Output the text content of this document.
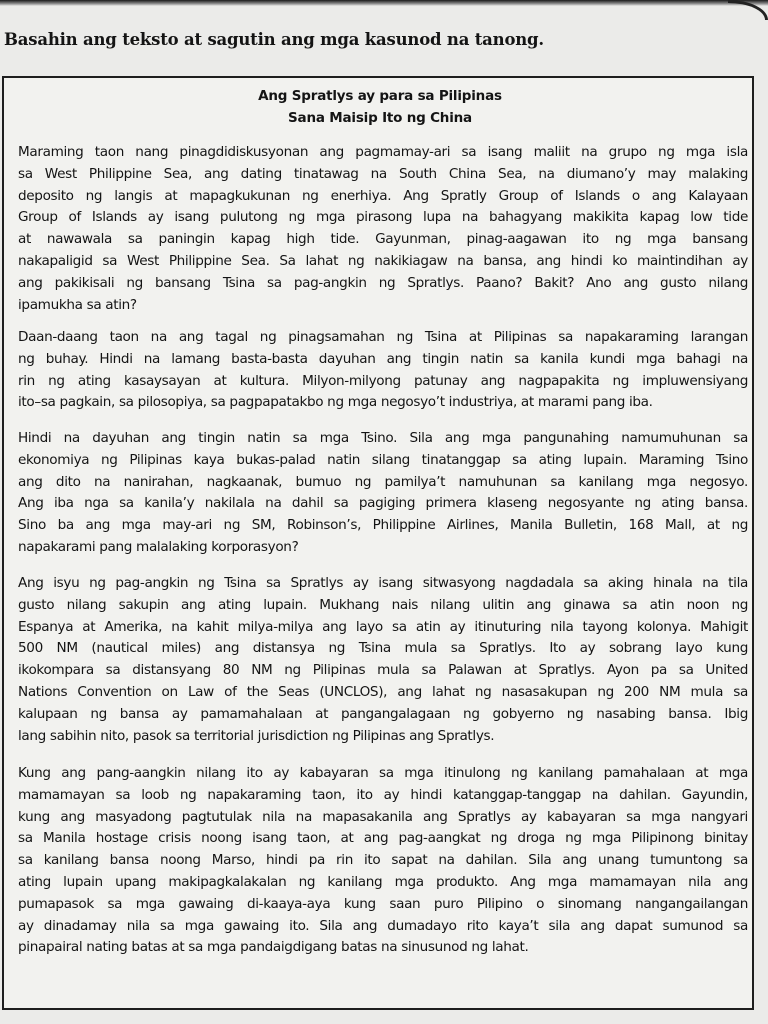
Basahin ang teksto at sagutin ang mga kasunod na tanong.
Ang Spratlys ay para sa Pilipinas
Sana Maisip Ito ng China
Maraming taon nang pinagdidiskusyonan ang pagmamay-ari sa isang maliit na grupo ng mga isla
sa West Philippine Sea, ang dating tinatawag na South China Sea, na diumano’y may malaking
deposito ng langis at mapagkukunan ng enerhiya. Ang Spratly Group of Islands o ang Kalayaan
Group of Islands ay isang pulutong ng mga pirasong lupa na bahagyang makikita kapag low tide
at nawawala sa paningin kapag high tide. Gayunman, pinag-aagawan ito ng mga bansang
nakapaligid sa West Philippine Sea. Sa lahat ng nakikiagaw na bansa, ang hindi ko maintindihan ay
ang pakikisali ng bansang Tsina sa pag-angkin ng Spratlys. Paano? Bakit? Ano ang gusto nilang
ipamukha sa atin?
Daan-daang taon na ang tagal ng pinagsamahan ng Tsina at Pilipinas sa napakaraming larangan
ng buhay. Hindi na lamang basta-basta dayuhan ang tingin natin sa kanila kundi mga bahagi na
rin ng ating kasaysayan at kultura. Milyon-milyong patunay ang nagpapakita ng impluwensiyang
ito–sa pagkain, sa pilosopiya, sa pagpapatakbo ng mga negosyo’t industriya, at marami pang iba.
Hindi na dayuhan ang tingin natin sa mga Tsino. Sila ang mga pangunahing namumuhunan sa
ekonomiya ng Pilipinas kaya bukas-palad natin silang tinatanggap sa ating lupain. Maraming Tsino
ang dito na nanirahan, nagkaanak, bumuo ng pamilya’t namuhunan sa kanilang mga negosyo.
Ang iba nga sa kanila’y nakilala na dahil sa pagiging primera klaseng negosyante ng ating bansa.
Sino ba ang mga may-ari ng SM, Robinson’s, Philippine Airlines, Manila Bulletin, 168 Mall, at ng
napakarami pang malalaking korporasyon?
Ang isyu ng pag-angkin ng Tsina sa Spratlys ay isang sitwasyong nagdadala sa aking hinala na tila
gusto nilang sakupin ang ating lupain. Mukhang nais nilang ulitin ang ginawa sa atin noon ng
Espanya at Amerika, na kahit milya-milya ang layo sa atin ay itinuturing nila tayong kolonya. Mahigit
500 NM (nautical miles) ang distansya ng Tsina mula sa Spratlys. Ito ay sobrang layo kung
ikokompara sa distansyang 80 NM ng Pilipinas mula sa Palawan at Spratlys. Ayon pa sa United
Nations Convention on Law of the Seas (UNCLOS), ang lahat ng nasasakupan ng 200 NM mula sa
kalupaan ng bansa ay pamamahalaan at pangangalagaan ng gobyerno ng nasabing bansa. Ibig
lang sabihin nito, pasok sa territorial jurisdiction ng Pilipinas ang Spratlys.
Kung ang pang-aangkin nilang ito ay kabayaran sa mga itinulong ng kanilang pamahalaan at mga
mamamayan sa loob ng napakaraming taon, ito ay hindi katanggap-tanggap na dahilan. Gayundin,
kung ang masyadong pagtutulak nila na mapasakanila ang Spratlys ay kabayaran sa mga nangyari
sa Manila hostage crisis noong isang taon, at ang pag-aangkat ng droga ng mga Pilipinong binitay
sa kanilang bansa noong Marso, hindi pa rin ito sapat na dahilan. Sila ang unang tumuntong sa
ating lupain upang makipagkalakalan ng kanilang mga produkto. Ang mga mamamayan nila ang
pumapasok sa mga gawaing di-kaaya-aya kung saan puro Pilipino o sinomang nangangailangan
ay dinadamay nila sa mga gawaing ito. Sila ang dumadayo rito kaya’t sila ang dapat sumunod sa
pinapairal nating batas at sa mga pandaigdigang batas na sinusunod ng lahat.
